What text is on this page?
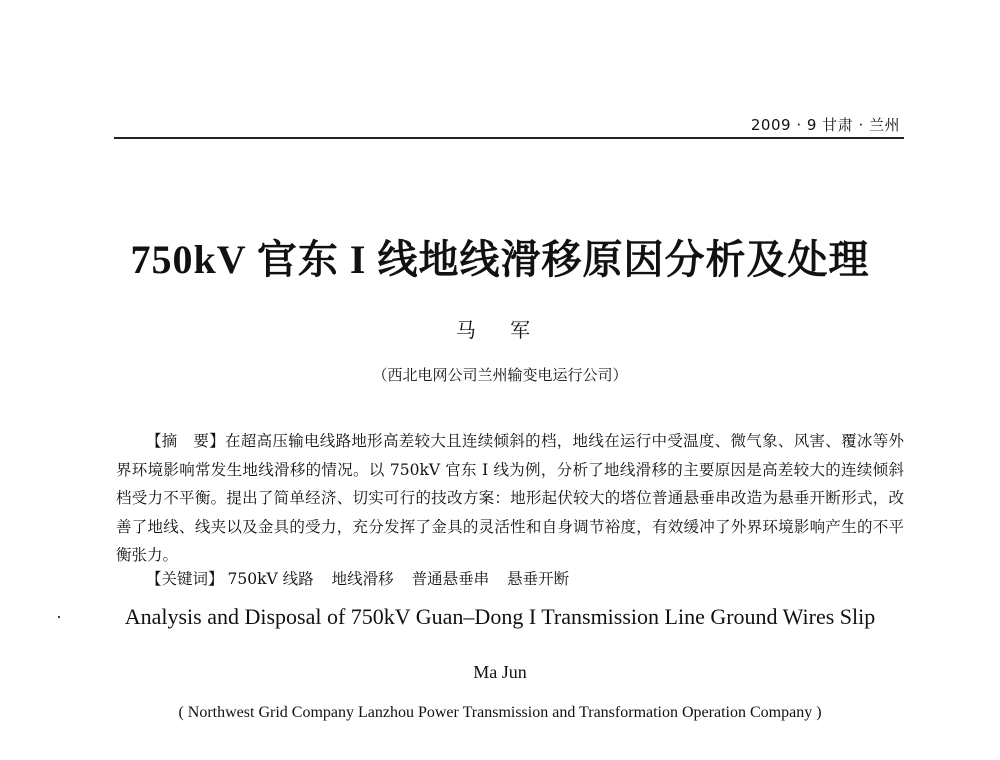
2009 · 9 甘肃 · 兰州
750kV 官东 I 线地线滑移原因分析及处理
马 军
（西北电网公司兰州输变电运行公司）

【摘　要】在超高压输电线路地形高差较大且连续倾斜的档，地线在运行中受温度、微气象、风害、覆冰等外界环境影响常发生地线滑移的情况。以 750kV 官东 I 线为例，分析了地线滑移的主要原因是高差较大的连续倾斜档受力不平衡。提出了简单经济、切实可行的技改方案：地形起伏较大的塔位普通悬垂串改造为悬垂开断形式，改善了地线、线夹以及金具的受力，充分发挥了金具的灵活性和自身调节裕度，有效缓冲了外界环境影响产生的不平衡张力。

【关键词】 750kV 线路 地线滑移 普通悬垂串 悬垂开断
Analysis and Disposal of 750kV Guan–Dong I Transmission Line Ground Wires Slip
Ma Jun
( Northwest Grid Company Lanzhou Power Transmission and Transformation Operation Company )
